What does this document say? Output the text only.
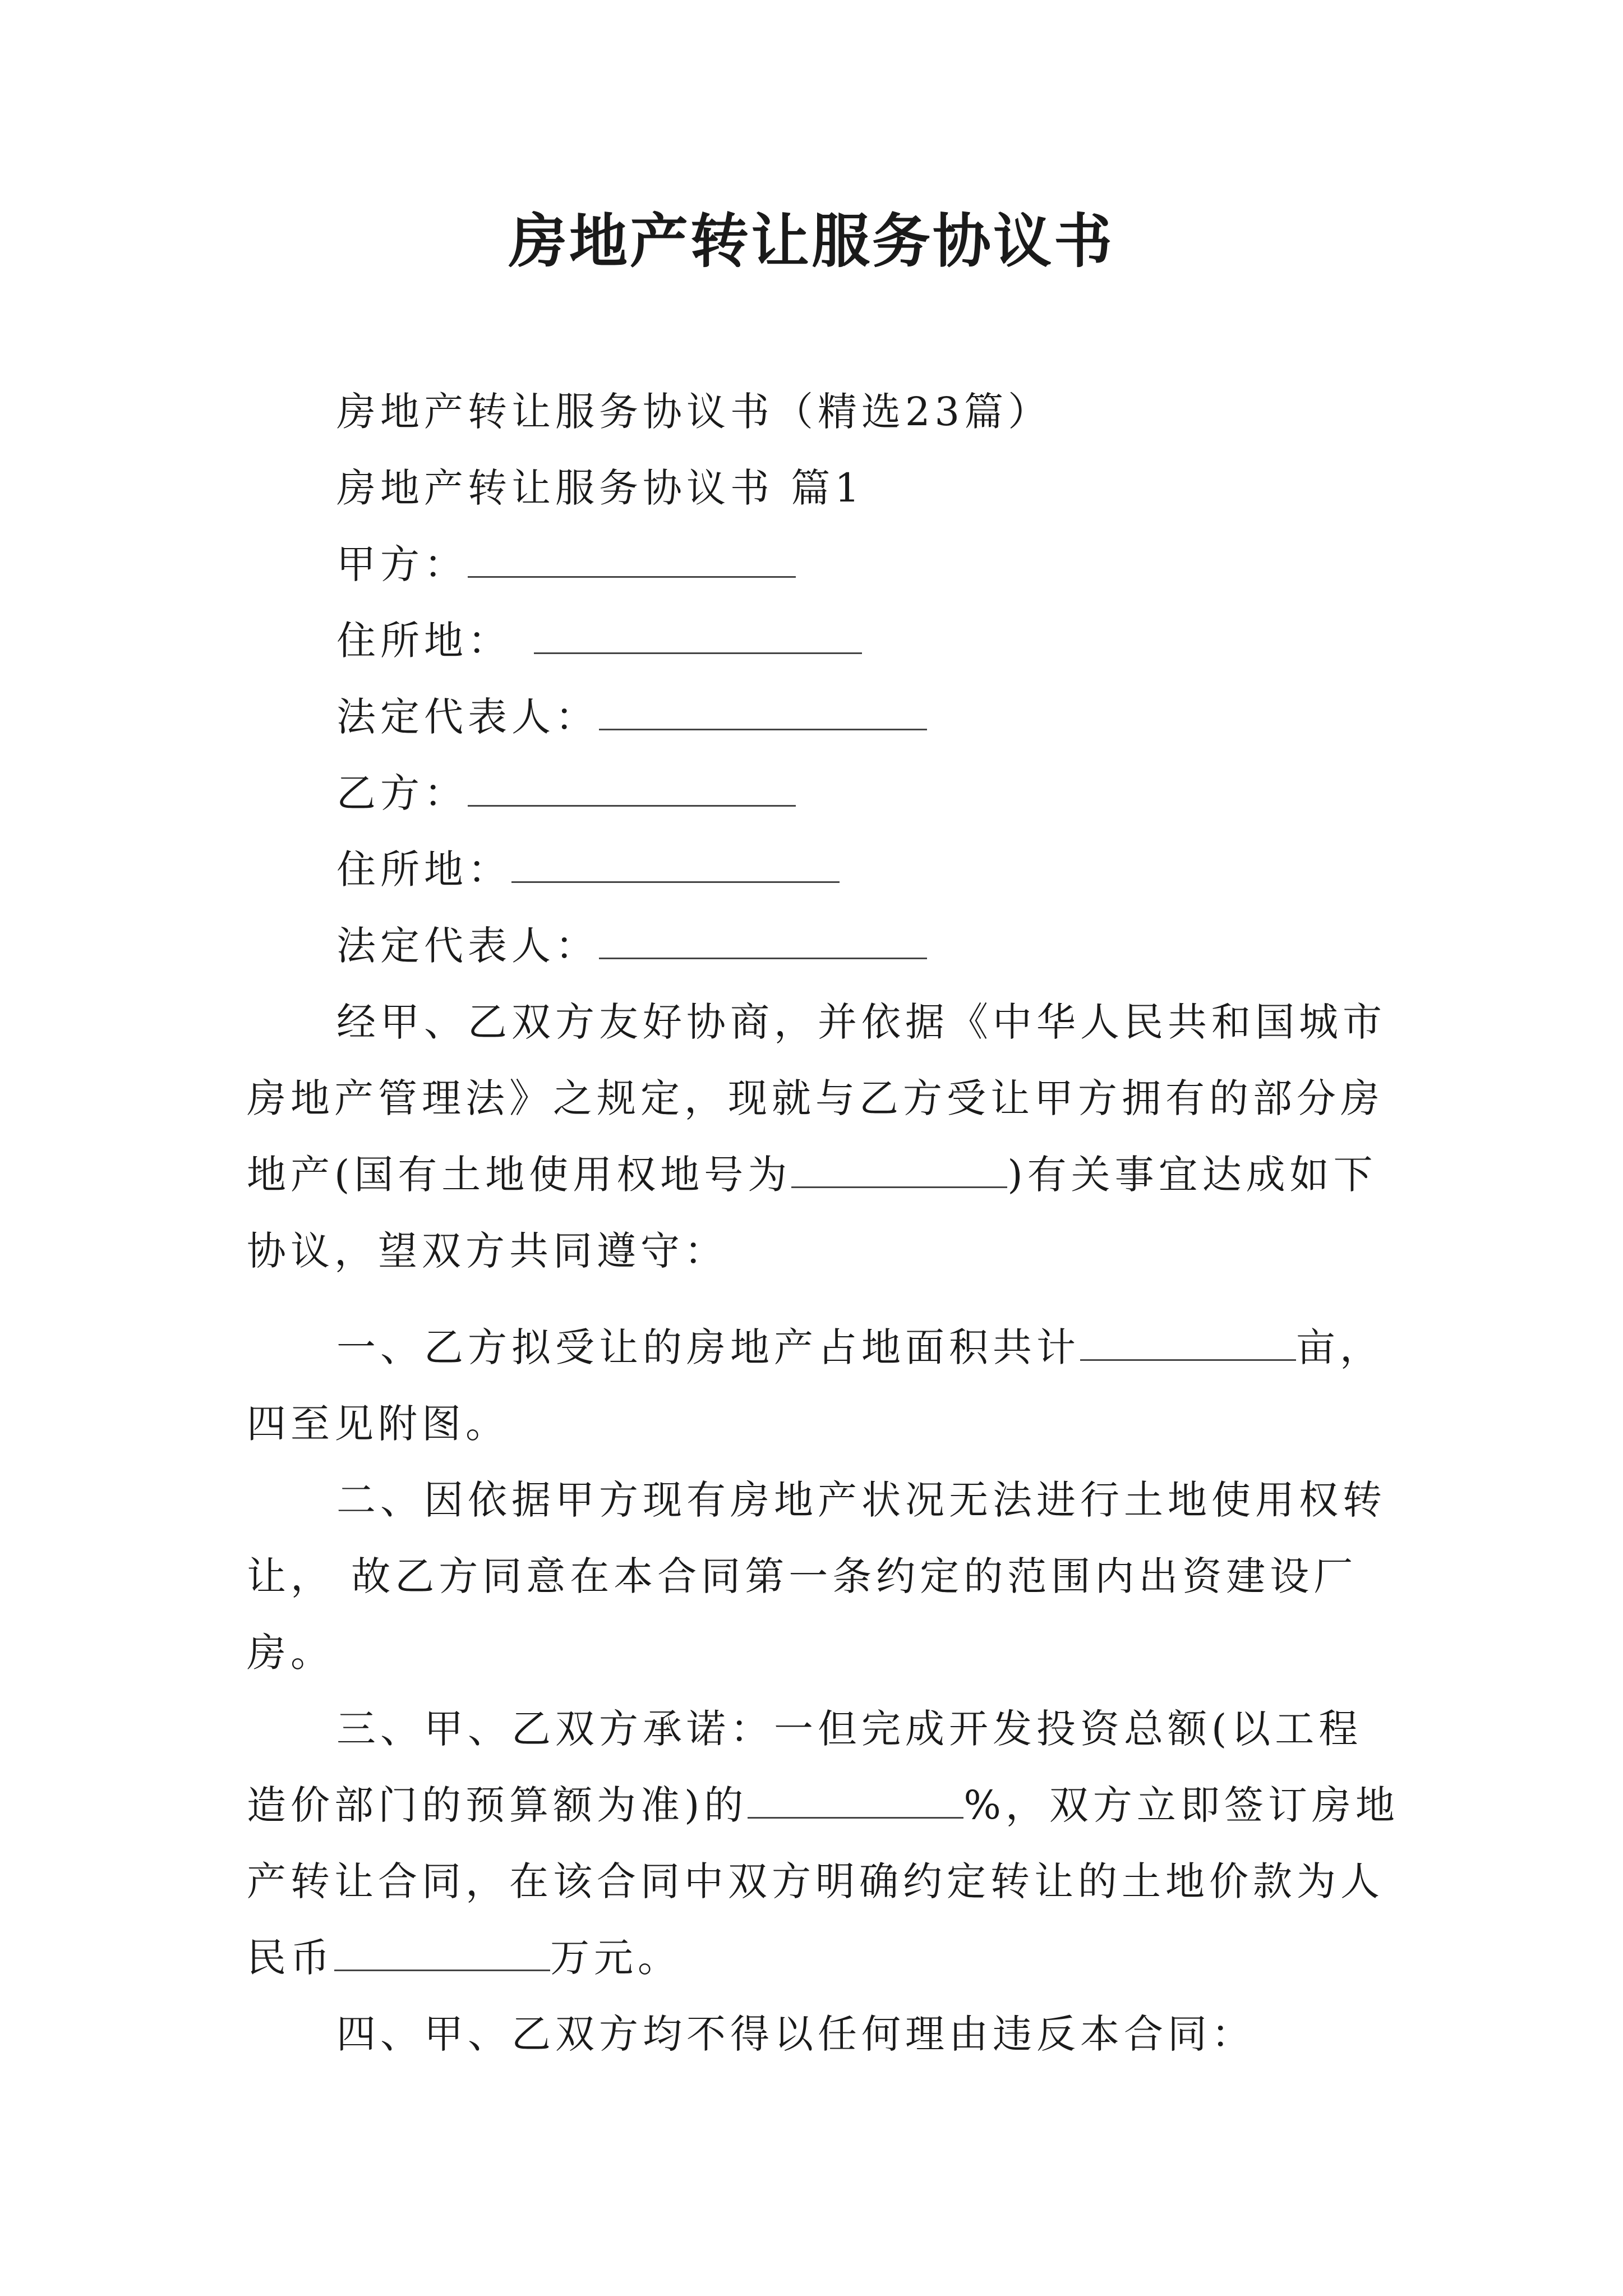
房地产转让服务协议书
房地产转让服务协议书（精选23篇）
房地产转让服务协议书 篇1
甲方：
住所地：
法定代表人：
乙方：
住所地：
法定代表人：
经甲、乙双方友好协商，并依据《中华人民共和国城市
房地产管理法》之规定，现就与乙方受让甲方拥有的部分房
地产(国有土地使用权地号为	)有关事宜达成如下
协议，望双方共同遵守：
一、乙方拟受让的房地产占地面积共计	亩，
四至见附图。
二、因依据甲方现有房地产状况无法进行土地使用权转
让， 故乙方同意在本合同第一条约定的范围内出资建设厂
房。
三、甲、乙双方承诺：一但完成开发投资总额(以工程
造价部门的预算额为准)的	%，双方立即签订房地
产转让合同，在该合同中双方明确约定转让的土地价款为人
民币	万元。
四、甲、乙双方均不得以任何理由违反本合同：
